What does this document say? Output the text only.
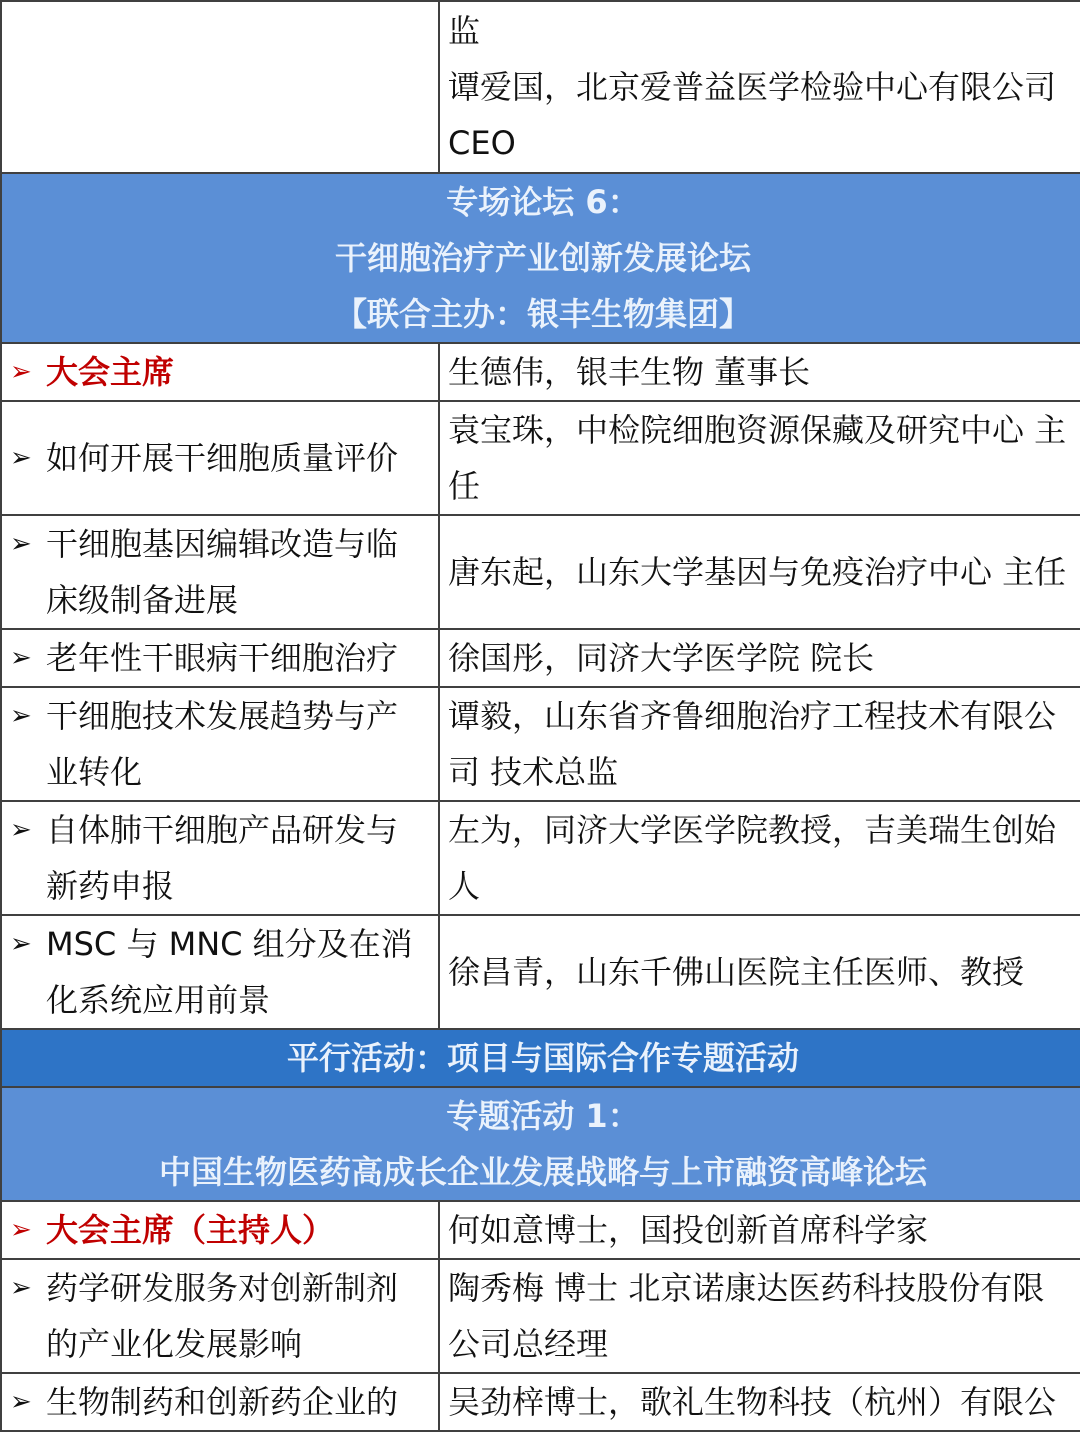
	监
谭爱国，北京爱普益医学检验中心有限公司
CEO

专场论坛 6：
干细胞治疗产业创新发展论坛
【联合主办：银丰生物集团】	

➢ 大会主席	生德伟，银丰生物 董事长

➢ 如何开展干细胞质量评价	袁宝珠，中检院细胞资源保藏及研究中心 主
任

➢ 干细胞基因编辑改造与临
床级制备进展	唐东起，山东大学基因与免疫治疗中心 主任

➢ 老年性干眼病干细胞治疗	徐国彤，同济大学医学院 院长

➢ 干细胞技术发展趋势与产
业转化	谭毅，山东省齐鲁细胞治疗工程技术有限公
司 技术总监

➢ 自体肺干细胞产品研发与
新药申报	左为，同济大学医学院教授，吉美瑞生创始
人

➢ MSC 与 MNC 组分及在消
化系统应用前景	徐昌青，山东千佛山医院主任医师、教授

平行活动：项目与国际合作专题活动	

专题活动 1：
中国生物医药高成长企业发展战略与上市融资高峰论坛	

➢ 大会主席（主持人）	何如意博士，国投创新首席科学家

➢ 药学研发服务对创新制剂
的产业化发展影响	陶秀梅 博士 北京诺康达医药科技股份有限
公司总经理

➢ 生物制药和创新药企业的	吴劲梓博士，歌礼生物科技（杭州）有限公
